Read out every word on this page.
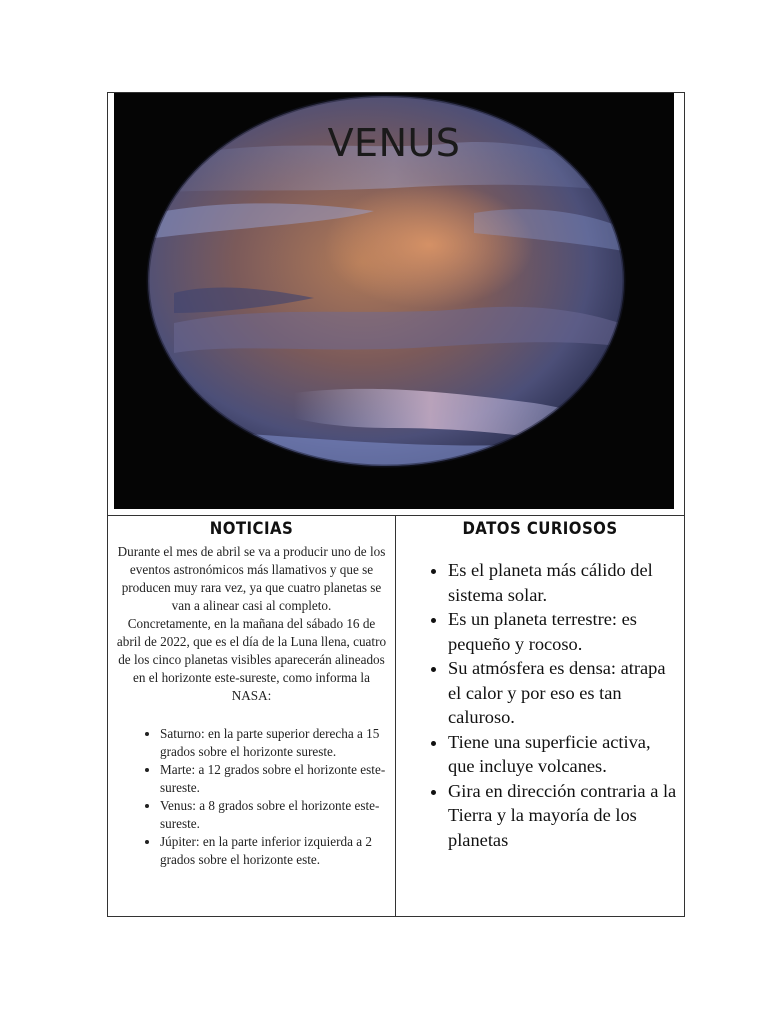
VENUS
NOTICIAS

Durante el mes de abril se va a producir uno de los eventos astronómicos más llamativos y que se producen muy rara vez, ya que cuatro planetas se van a alinear casi al completo.

Concretamente, en la mañana del sábado 16 de abril de 2022, que es el día de la Luna llena, cuatro de los cinco planetas visibles aparecerán alineados en el horizonte este-sureste, como informa la NASA:

• Saturno: en la parte superior derecha a 15 grados sobre el horizonte sureste.
• Marte: a 12 grados sobre el horizonte este-sureste.
• Venus: a 8 grados sobre el horizonte este-sureste.
• Júpiter: en la parte inferior izquierda a 2 grados sobre el horizonte este.
DATOS CURIOSOS
• Es el planeta más cálido del sistema solar.
• Es un planeta terrestre: es pequeño y rocoso.
• Su atmósfera es densa: atrapa el calor y por eso es tan caluroso.
• Tiene una superficie activa, que incluye volcanes.
• Gira en dirección contraria a la Tierra y la mayoría de los planetas
